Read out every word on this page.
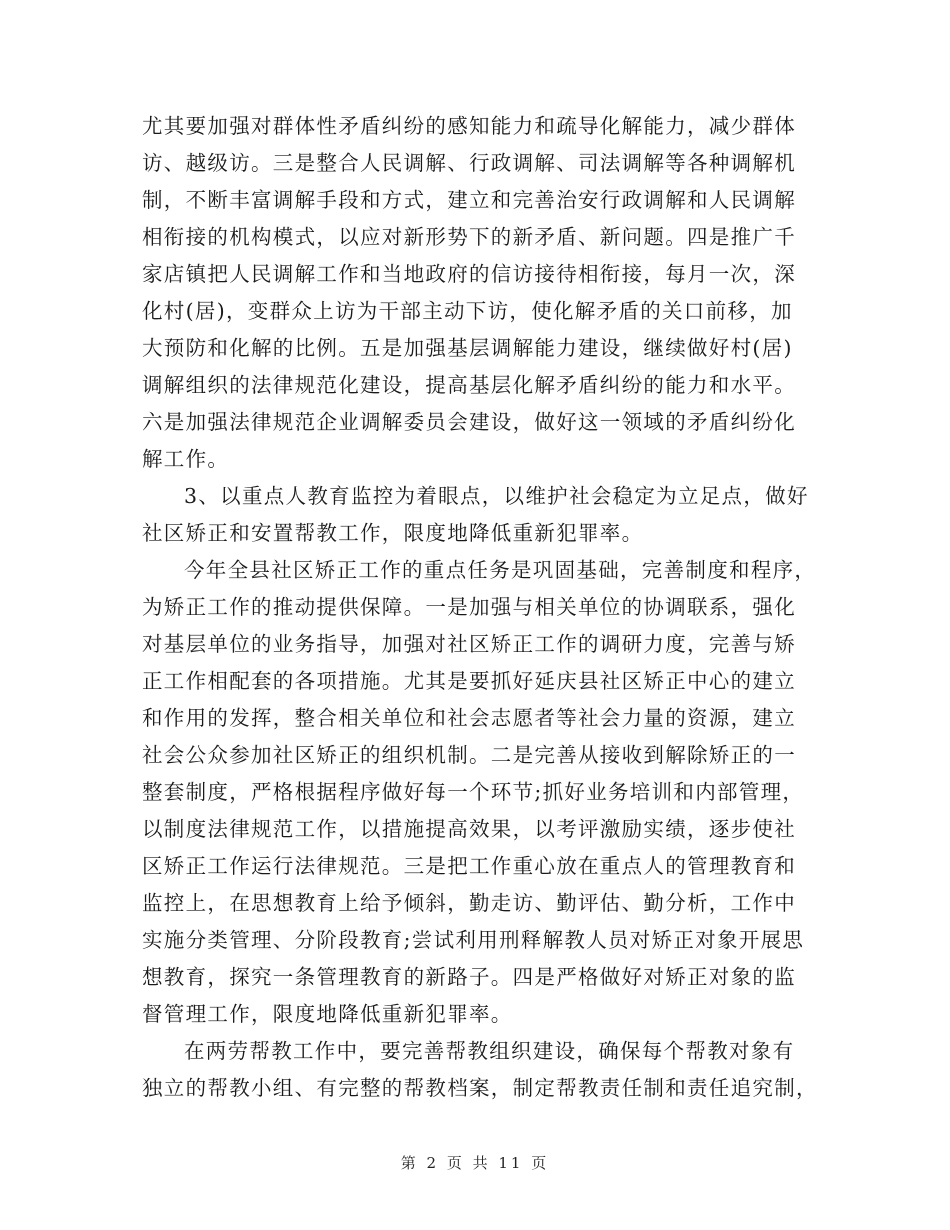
尤其要加强对群体性矛盾纠纷的感知能力和疏导化解能力，减少群体

访、越级访。三是整合人民调解、行政调解、司法调解等各种调解机

制，不断丰富调解手段和方式，建立和完善治安行政调解和人民调解

相衔接的机构模式，以应对新形势下的新矛盾、新问题。四是推广千

家店镇把人民调解工作和当地政府的信访接待相衔接，每月一次，深

化村(居)，变群众上访为干部主动下访，使化解矛盾的关口前移，加

大预防和化解的比例。五是加强基层调解能力建设，继续做好村(居)

调解组织的法律规范化建设，提高基层化解矛盾纠纷的能力和水平。

六是加强法律规范企业调解委员会建设，做好这一领域的矛盾纠纷化

解工作。

3、以重点人教育监控为着眼点，以维护社会稳定为立足点，做好

社区矫正和安置帮教工作，限度地降低重新犯罪率。

今年全县社区矫正工作的重点任务是巩固基础，完善制度和程序，

为矫正工作的推动提供保障。一是加强与相关单位的协调联系，强化

对基层单位的业务指导，加强对社区矫正工作的调研力度，完善与矫

正工作相配套的各项措施。尤其是要抓好延庆县社区矫正中心的建立

和作用的发挥，整合相关单位和社会志愿者等社会力量的资源，建立

社会公众参加社区矫正的组织机制。二是完善从接收到解除矫正的一

整套制度，严格根据程序做好每一个环节;抓好业务培训和内部管理，

以制度法律规范工作，以措施提高效果，以考评激励实绩，逐步使社

区矫正工作运行法律规范。三是把工作重心放在重点人的管理教育和

监控上，在思想教育上给予倾斜，勤走访、勤评估、勤分析，工作中

实施分类管理、分阶段教育;尝试利用刑释解教人员对矫正对象开展思

想教育，探究一条管理教育的新路子。四是严格做好对矫正对象的监

督管理工作，限度地降低重新犯罪率。

在两劳帮教工作中，要完善帮教组织建设，确保每个帮教对象有

独立的帮教小组、有完整的帮教档案，制定帮教责任制和责任追究制，

第 2 页 共 11 页
